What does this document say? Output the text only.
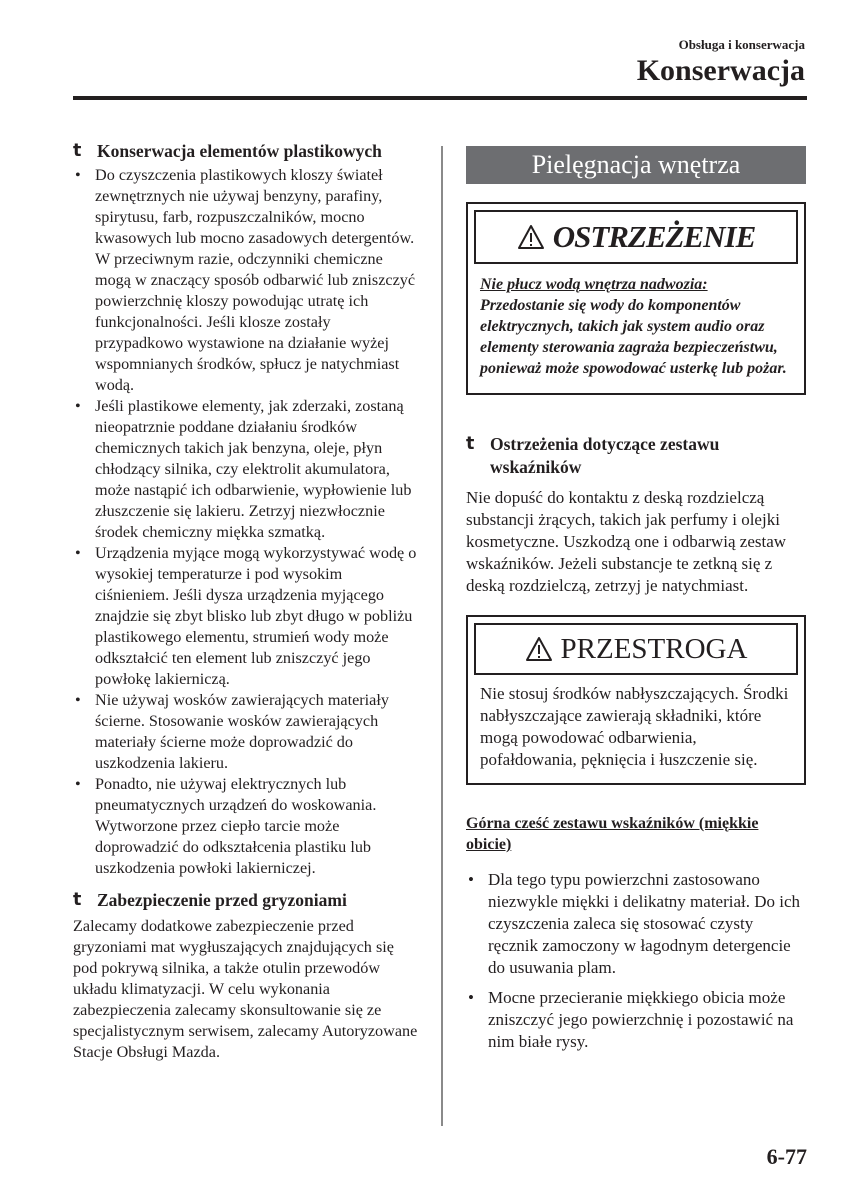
Obsługa i konserwacja
Konserwacja
t Konserwacja elementów plastikowych
• Do czyszczenia plastikowych kloszy świateł zewnętrznych nie używaj benzyny, parafiny, spirytusu, farb, rozpuszczalników, mocno kwasowych lub mocno zasadowych detergentów. W przeciwnym razie, odczynniki chemiczne mogą w znaczący sposób odbarwić lub zniszczyć powierzchnię kloszy powodując utratę ich funkcjonalności. Jeśli klosze zostały przypadkowo wystawione na działanie wyżej wspomnianych środków, spłucz je natychmiast wodą.
• Jeśli plastikowe elementy, jak zderzaki, zostaną nieopatrznie poddane działaniu środków chemicznych takich jak benzyna, oleje, płyn chłodzący silnika, czy elektrolit akumulatora, może nastąpić ich odbarwienie, wypłowienie lub złuszczenie się lakieru. Zetrzyj niezwłocznie środek chemiczny miękka szmatką.
• Urządzenia myjące mogą wykorzystywać wodę o wysokiej temperaturze i pod wysokim ciśnieniem. Jeśli dysza urządzenia myjącego znajdzie się zbyt blisko lub zbyt długo w pobliżu plastikowego elementu, strumień wody może odkształcić ten element lub zniszczyć jego powłokę lakierniczą.
• Nie używaj wosków zawierających materiały ścierne. Stosowanie wosków zawierających materiały ścierne może doprowadzić do uszkodzenia lakieru.
• Ponadto, nie używaj elektrycznych lub pneumatycznych urządzeń do woskowania. Wytworzone przez ciepło tarcie może doprowadzić do odkształcenia plastiku lub uszkodzenia powłoki lakierniczej.
t Zabezpieczenie przed gryzoniami

Zalecamy dodatkowe zabezpieczenie przed gryzoniami mat wygłuszających znajdujących się pod pokrywą silnika, a także otulin przewodów układu klimatyzacji. W celu wykonania zabezpieczenia zalecamy skonsultowanie się ze specjalistycznym serwisem, zalecamy Autoryzowane Stacje Obsługi Mazda.

Pielęgnacja wnętrza
OSTRZEŻENIE
Nie płucz wodą wnętrza nadwozia: Przedostanie się wody do komponentów elektrycznych, takich jak system audio oraz elementy sterowania zagraża bezpieczeństwu, ponieważ może spowodować usterkę lub pożar.
t Ostrzeżenia dotyczące zestawu wskaźników

Nie dopuść do kontaktu z deską rozdzielczą substancji żrących, takich jak perfumy i olejki kosmetyczne. Uszkodzą one i odbarwią zestaw wskaźników. Jeżeli substancje te zetkną się z deską rozdzielczą, zetrzyj je natychmiast.

PRZESTROGA
Nie stosuj środków nabłyszczających. Środki nabłyszczające zawierają składniki, które mogą powodować odbarwienia, pofałdowania, pęknięcia i łuszczenie się.
Górna cześć zestawu wskaźników (miękkie obicie)
• Dla tego typu powierzchni zastosowano niezwykle miękki i delikatny materiał. Do ich czyszczenia zaleca się stosować czysty ręcznik zamoczony w łagodnym detergencie do usuwania plam.
• Mocne przecieranie miękkiego obicia może zniszczyć jego powierzchnię i pozostawić na nim białe rysy.
6-77
